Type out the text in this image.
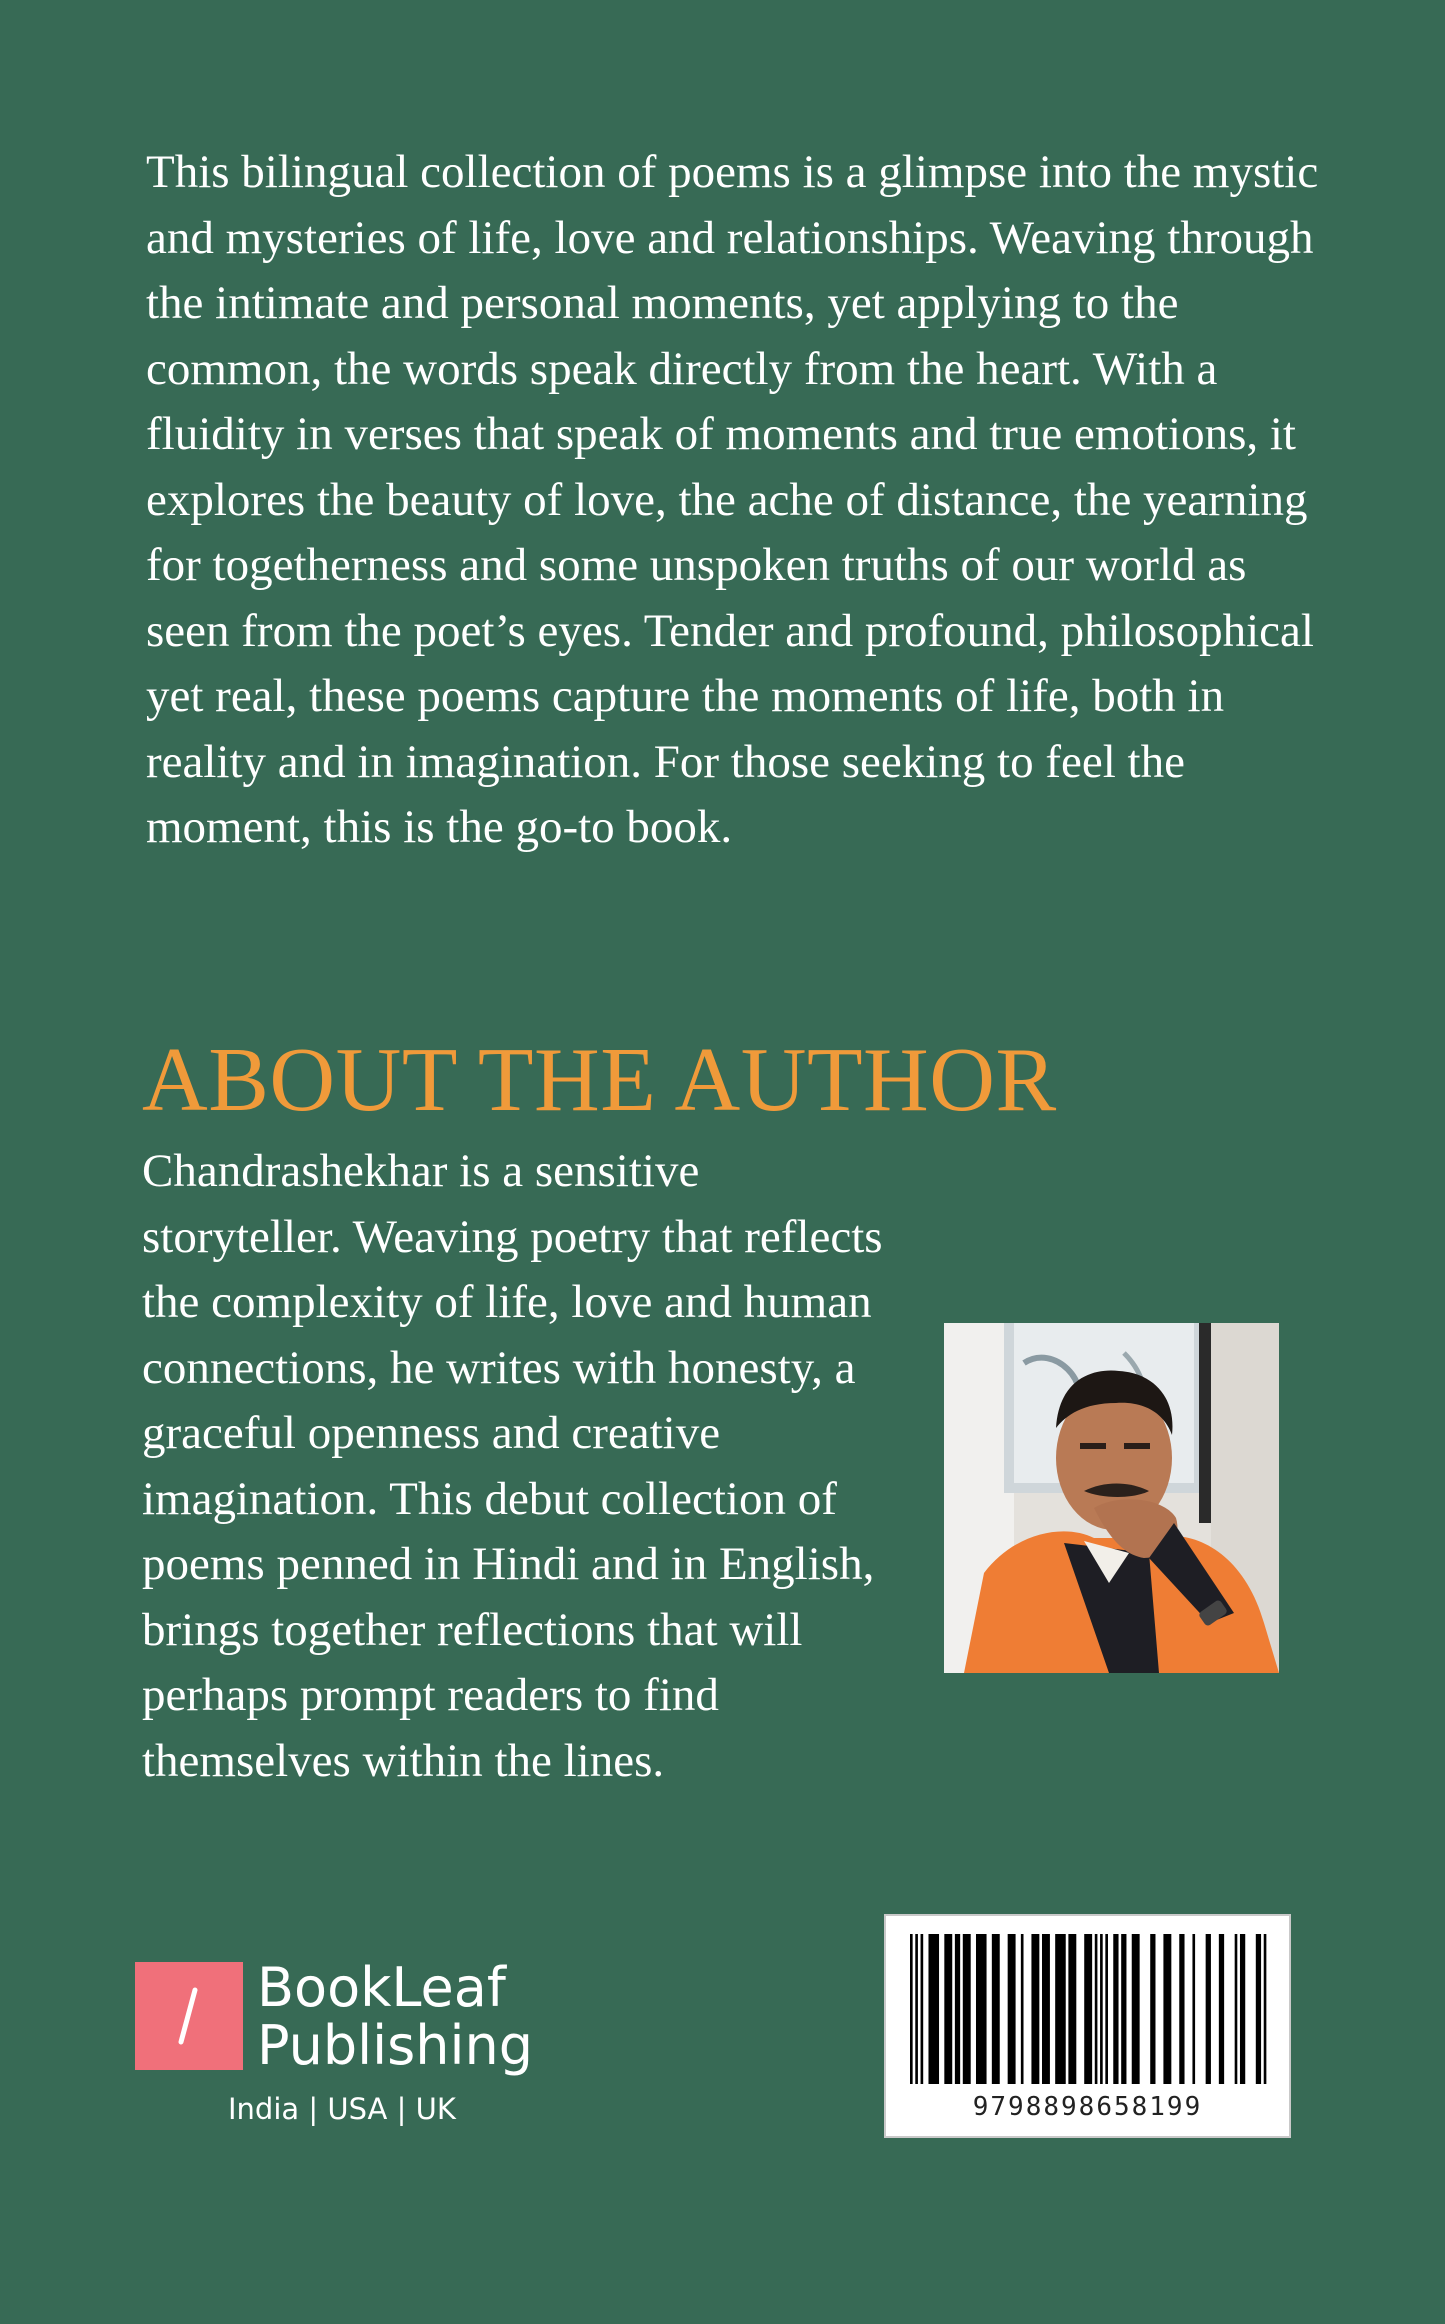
This bilingual collection of poems is a glimpse into the mystic and mysteries of life, love and relationships. Weaving through the intimate and personal moments, yet applying to the common, the words speak directly from the heart. With a fluidity in verses that speak of moments and true emotions, it explores the beauty of love, the ache of distance, the yearning for togetherness and some unspoken truths of our world as seen from the poet’s eyes. Tender and profound, philosophical yet real, these poems capture the moments of life, both in reality and in imagination. For those seeking to feel the moment, this is the go-to book.

ABOUT THE AUTHOR

Chandrashekhar is a sensitive storyteller. Weaving poetry that reflects the complexity of life, love and human connections, he writes with honesty, a graceful openness and creative imagination. This debut collection of poems penned in Hindi and in English, brings together reflections that will perhaps prompt readers to find themselves within the lines.

BookLeaf
Publishing
India | USA | UK	9798898658199
